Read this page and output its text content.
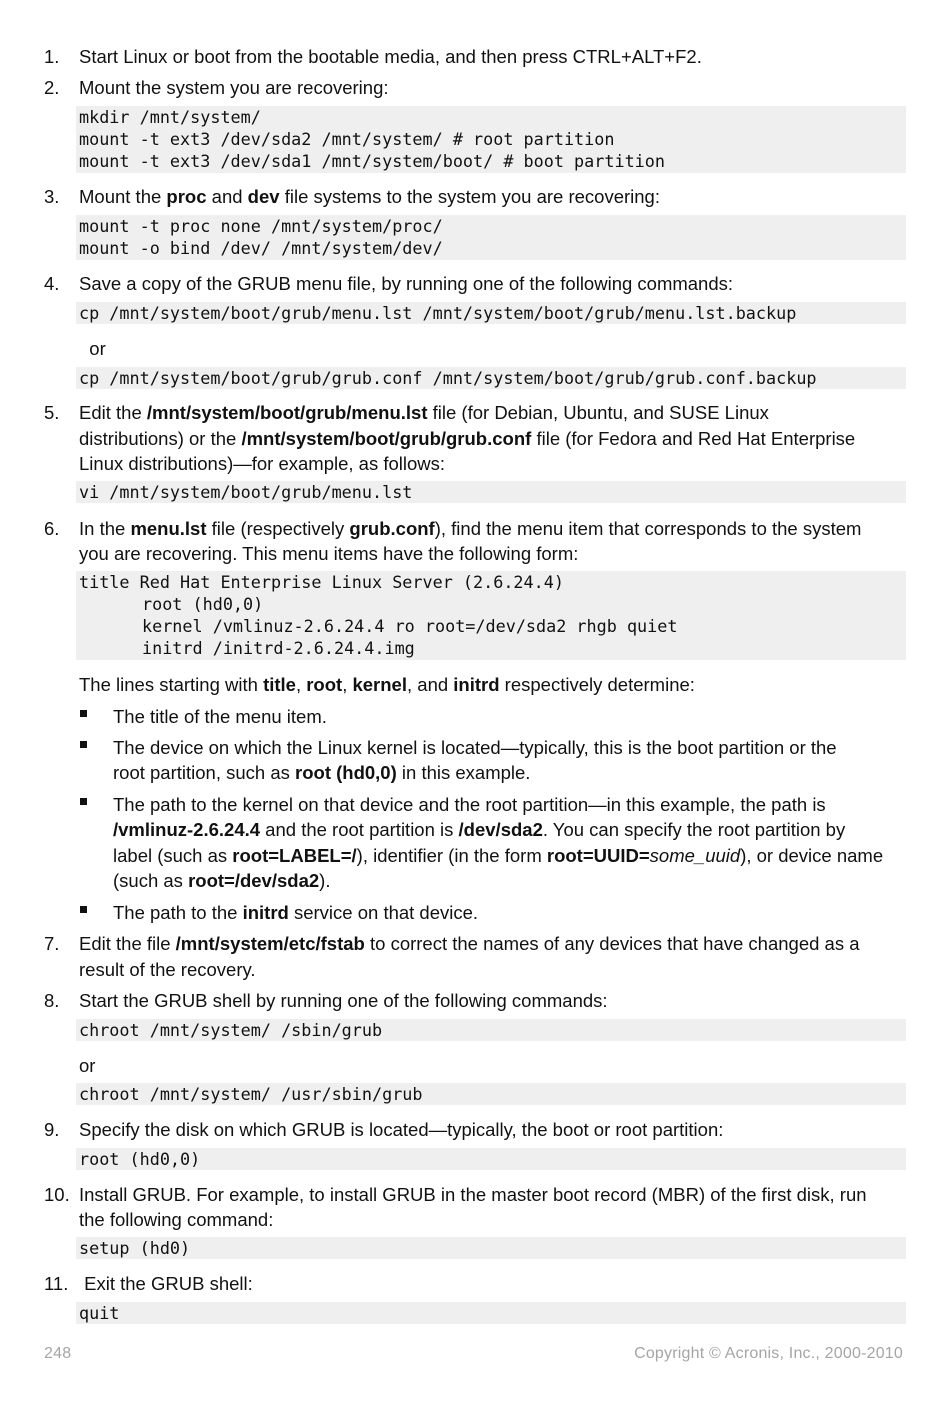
1. Start Linux or boot from the bootable media, and then press CTRL+ALT+F2.
2. Mount the system you are recovering:
mkdir /mnt/system/
mount -t ext3 /dev/sda2 /mnt/system/ # root partition
mount -t ext3 /dev/sda1 /mnt/system/boot/ # boot partition
3. Mount the proc and dev file systems to the system you are recovering:
mount -t proc none /mnt/system/proc/
mount -o bind /dev/ /mnt/system/dev/
4. Save a copy of the GRUB menu file, by running one of the following commands:
cp /mnt/system/boot/grub/menu.lst /mnt/system/boot/grub/menu.lst.backup
or
cp /mnt/system/boot/grub/grub.conf /mnt/system/boot/grub/grub.conf.backup
5. Edit the /mnt/system/boot/grub/menu.lst file (for Debian, Ubuntu, and SUSE Linux
distributions) or the /mnt/system/boot/grub/grub.conf file (for Fedora and Red Hat Enterprise
Linux distributions)—for example, as follows:
vi /mnt/system/boot/grub/menu.lst
6. In the menu.lst file (respectively grub.conf), find the menu item that corresponds to the system
you are recovering. This menu items have the following form:
title Red Hat Enterprise Linux Server (2.6.24.4)
root (hd0,0)
kernel /vmlinuz-2.6.24.4 ro root=/dev/sda2 rhgb quiet
initrd /initrd-2.6.24.4.img
The lines starting with title, root, kernel, and initrd respectively determine:
The title of the menu item.
The device on which the Linux kernel is located—typically, this is the boot partition or the
root partition, such as root (hd0,0) in this example.
The path to the kernel on that device and the root partition—in this example, the path is
/vmlinuz-2.6.24.4 and the root partition is /dev/sda2. You can specify the root partition by
label (such as root=LABEL=/), identifier (in the form root=UUID=some_uuid), or device name
(such as root=/dev/sda2).
The path to the initrd service on that device.
7. Edit the file /mnt/system/etc/fstab to correct the names of any devices that have changed as a
result of the recovery.
8. Start the GRUB shell by running one of the following commands:
chroot /mnt/system/ /sbin/grub
or
chroot /mnt/system/ /usr/sbin/grub
9. Specify the disk on which GRUB is located—typically, the boot or root partition:
root (hd0,0)
10. Install GRUB. For example, to install GRUB in the master boot record (MBR) of the first disk, run
the following command:
setup (hd0)
11. Exit the GRUB shell:
quit
248	Copyright © Acronis, Inc., 2000-2010
